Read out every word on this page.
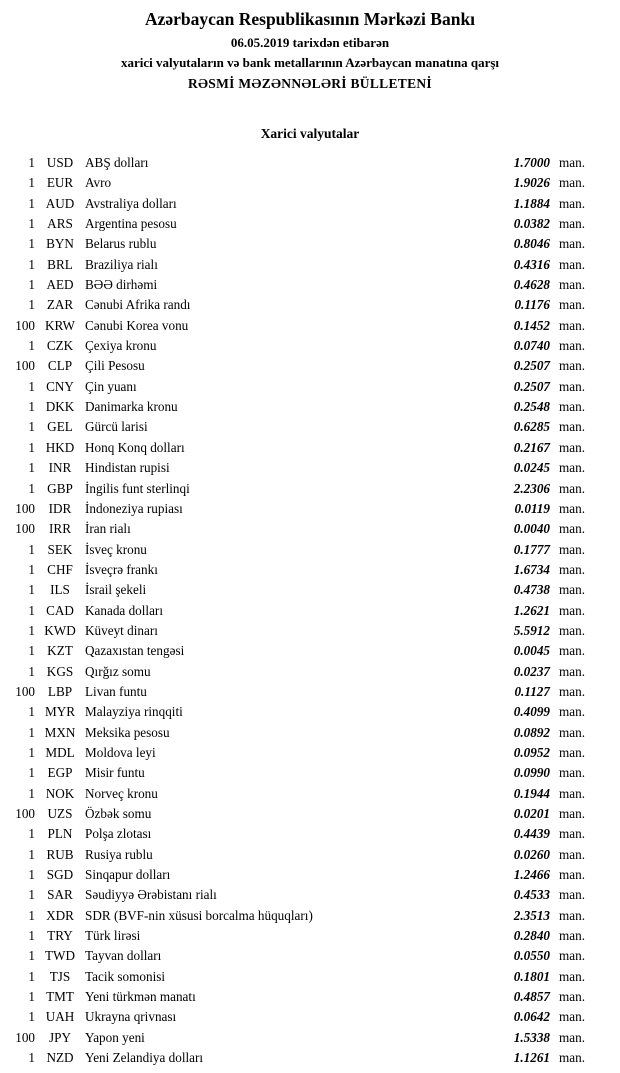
Azərbaycan Respublikasının Mərkəzi Bankı
06.05.2019 tarixdən etibarən
xarici valyutaların və bank metallarının Azərbaycan manatına qarşı
RƏSMİ MƏZƏNNƏLƏRİ BÜLLETENİ
Xarici valyutalar
1 USD ABŞ dolları	1.7000 man.
1 EUR Avro	1.9026 man.
1 AUD Avstraliya dolları	1.1884 man.
1 ARS Argentina pesosu	0.0382 man.
1 BYN Belarus rublu	0.8046 man.
1 BRL Braziliya rialı	0.4316 man.
1 AED BƏƏ dirhəmi	0.4628 man.
1 ZAR Cənubi Afrika randı	0.1176 man.
100 KRW Cənubi Korea vonu	0.1452 man.
1 CZK Çexiya kronu	0.0740 man.
100 CLP Çili Pesosu	0.2507 man.
1 CNY Çin yuanı	0.2507 man.
1 DKK Danimarka kronu	0.2548 man.
1 GEL Gürcü larisi	0.6285 man.
1 HKD Honq Konq dolları	0.2167 man.
1	INR	Hindistan rupisi	0.0245 man.
1 GBP İngilis funt sterlinqi	2.2306 man.
100	IDR	İndoneziya rupiası	0.0119 man.
100	IRR	İran rialı	0.0040 man.
1 SEK İsveç kronu	0.1777 man.
1 CHF İsveçrə frankı	1.6734 man.
1	ILS	İsrail şekeli	0.4738 man.
1 CAD Kanada dolları	1.2621 man.
1 KWD Küveyt dinarı	5.5912 man.
1 KZT Qazaxıstan tengəsi	0.0045 man.
1 KGS Qırğız somu	0.0237 man.
100 LBP Livan funtu	0.1127 man.
1 MYR Malayziya rinqqiti	0.4099 man.
1 MXN Meksika pesosu	0.0892 man.
1 MDL Moldova leyi	0.0952 man.
1 EGP Misir funtu	0.0990 man.
1 NOK Norveç kronu	0.1944 man.
100 UZS Özbək somu	0.0201 man.
1 PLN Polşa zlotası	0.4439 man.
1 RUB Rusiya rublu	0.0260 man.
1 SGD Sinqapur dolları	1.2466 man.
1 SAR Səudiyyə Ərəbistanı rialı	0.4533 man.
1 XDR SDR (BVF-nin xüsusi borcalma hüquqları)	2.3513 man.
1 TRY Türk lirəsi	0.2840 man.
1 TWD Tayvan dolları	0.0550 man.
1	TJS	Tacik somonisi	0.1801 man.
1 TMT Yeni türkmən manatı	0.4857 man.
1 UAH Ukrayna qrivnası	0.0642 man.
100	JPY	Yapon yeni	1.5338 man.
1 NZD Yeni Zelandiya dolları	1.1261 man.
